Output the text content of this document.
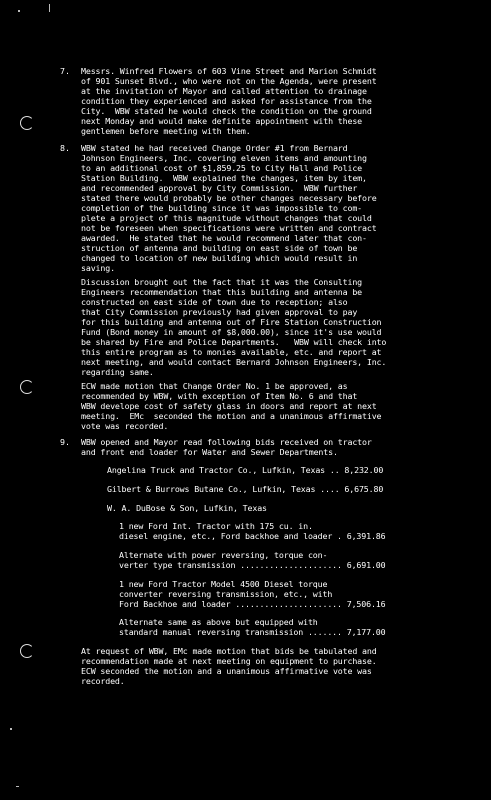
7. Messrs. Winfred Flowers of 603 Vine Street and Marion Schmidt
of 901 Sunset Blvd., who were not on the Agenda, were present
at the invitation of Mayor and called attention to drainage
condition they experienced and asked for assistance from the
City.  WBW stated he would check the condition on the ground
next Monday and would make definite appointment with these
gentlemen before meeting with them.
8. WBW stated he had received Change Order #1 from Bernard
Johnson Engineers, Inc. covering eleven items and amounting
to an additional cost of $1,859.25 to City Hall and Police
Station Building.  WBW explained the changes, item by item,
and recommended approval by City Commission.  WBW further
stated there would probably be other changes necessary before
completion of the building since it was impossible to com-
plete a project of this magnitude without changes that could
not be foreseen when specifications were written and contract
awarded.  He stated that he would recommend later that con-
struction of antenna and building on east side of town be
changed to location of new building which would result in
saving.
Discussion brought out the fact that it was the Consulting
Engineers recommendation that this building and antenna be
constructed on east side of town due to reception; also
that City Commission previously had given approval to pay
for this building and antenna out of Fire Station Construction
Fund (Bond money in amount of $8,000.00), since it's use would
be shared by Fire and Police Departments.   WBW will check into
this entire program as to monies available, etc. and report at
next meeting, and would contact Bernard Johnson Engineers, Inc.
regarding same.
ECW made motion that Change Order No. 1 be approved, as
recommended by WBW, with exception of Item No. 6 and that
WBW develope cost of safety glass in doors and report at next
meeting.  EMc  seconded the motion and a unanimous affirmative
vote was recorded.
9. WBW opened and Mayor read following bids received on tractor
and front end loader for Water and Sewer Departments.
Angelina Truck and Tractor Co., Lufkin, Texas .. 8,232.00
Gilbert & Burrows Butane Co., Lufkin, Texas .... 6,675.80
W. A. DuBose & Son, Lufkin, Texas
1 new Ford Int. Tractor with 175 cu. in.
diesel engine, etc., Ford backhoe and loader . 6,391.86
Alternate with power reversing, torque con-
verter type transmission ..................... 6,691.00
1 new Ford Tractor Model 4500 Diesel torque
converter reversing transmission, etc., with
Ford Backhoe and loader ...................... 7,506.16
Alternate same as above but equipped with
standard manual reversing transmission ....... 7,177.00
At request of WBW, EMc made motion that bids be tabulated and
recommendation made at next meeting on equipment to purchase.
ECW seconded the motion and a unanimous affirmative vote was
recorded.
